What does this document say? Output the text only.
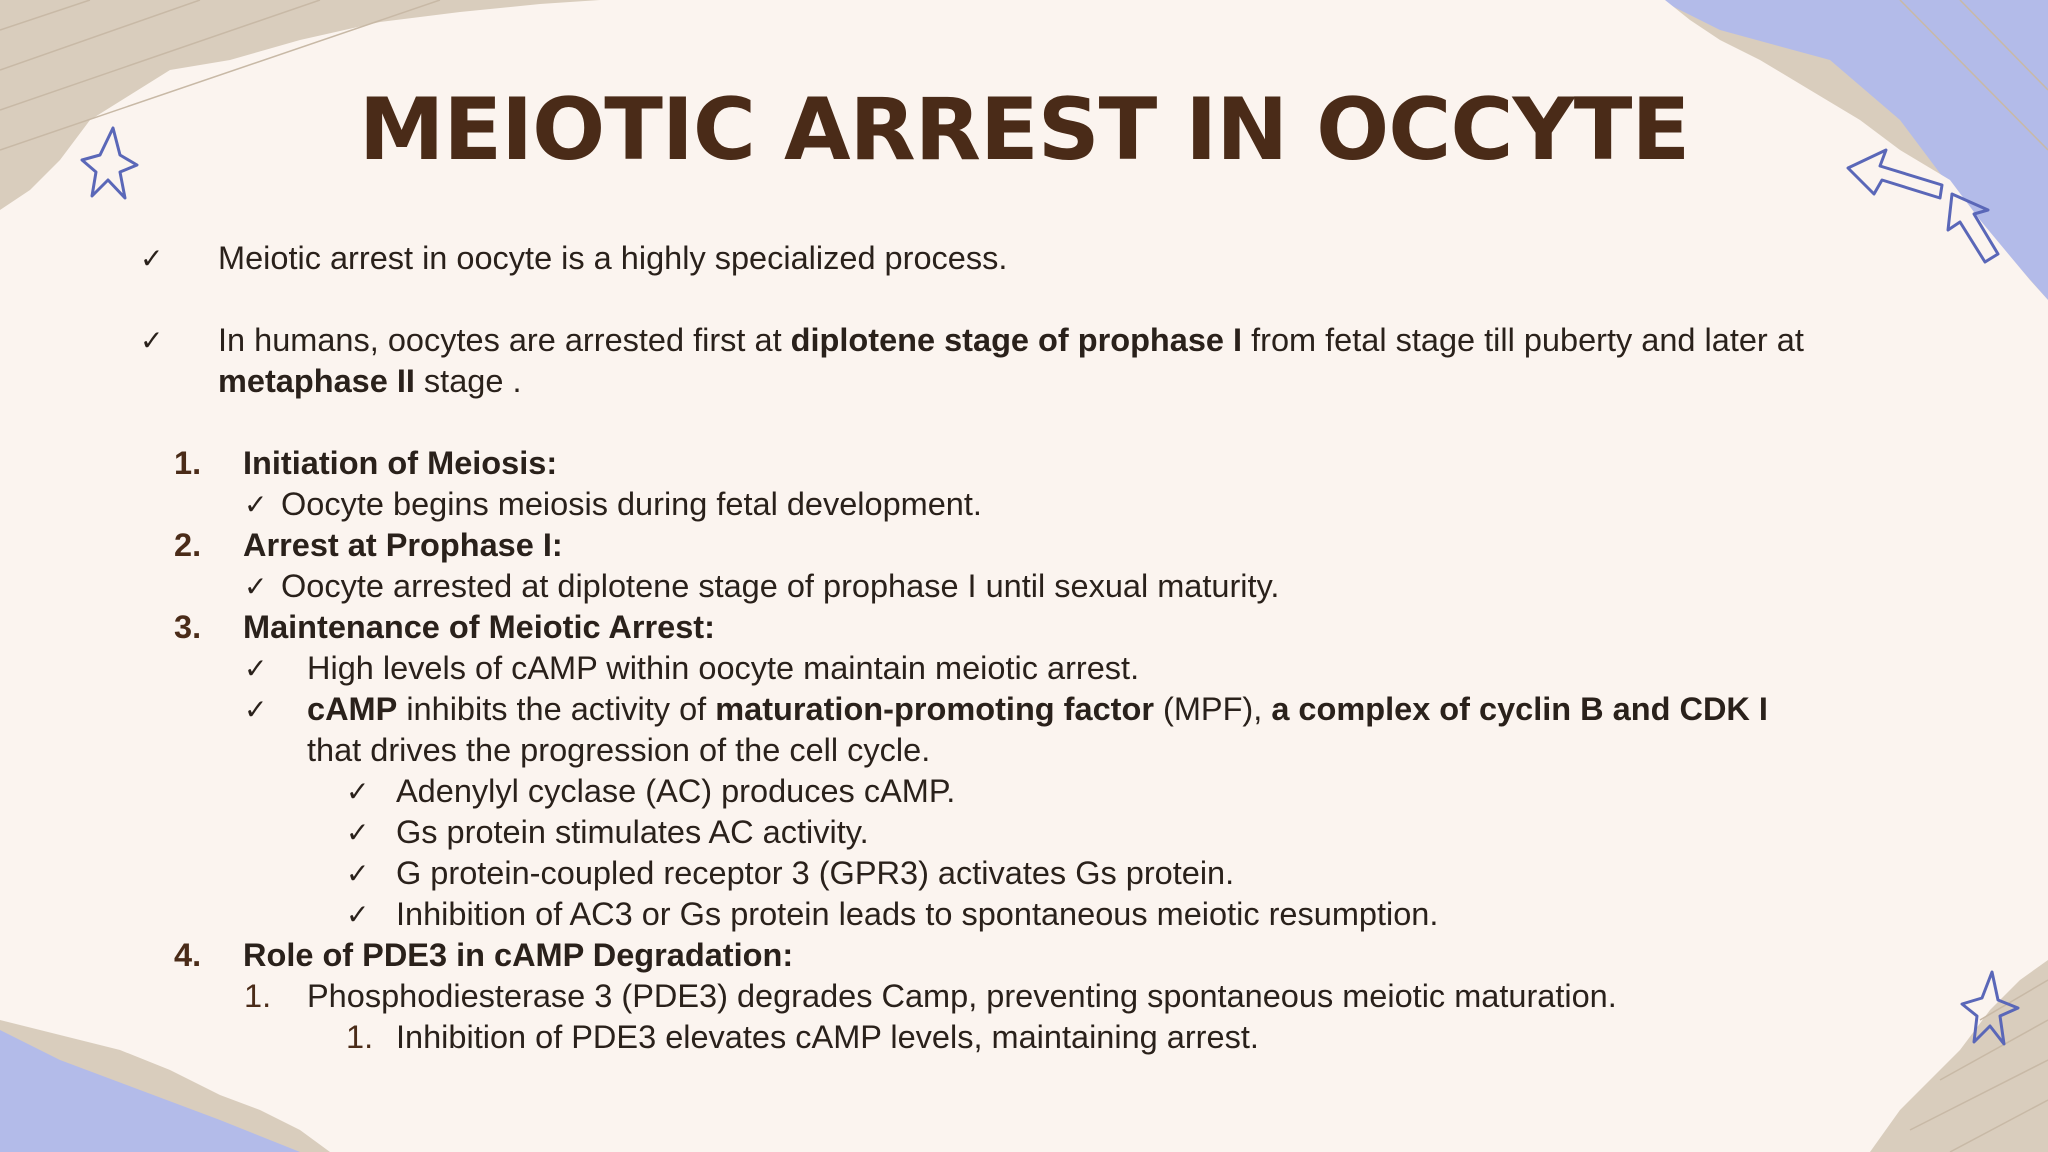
MEIOTIC ARREST IN OCCYTE
✓ Meiotic arrest in oocyte is a highly specialized process.
✓ In humans, oocytes are arrested first at diplotene stage of prophase I from fetal stage till puberty and later at
metaphase II stage .
1. Initiation of Meiosis:
✓ Oocyte begins meiosis during fetal development.
2. Arrest at Prophase I:
✓ Oocyte arrested at diplotene stage of prophase I until sexual maturity.
3. Maintenance of Meiotic Arrest:
✓ High levels of cAMP within oocyte maintain meiotic arrest.
✓ cAMP inhibits the activity of maturation-promoting factor (MPF), a complex of cyclin B and CDK I
that drives the progression of the cell cycle.
✓ Adenylyl cyclase (AC) produces cAMP.
✓ Gs protein stimulates AC activity.
✓ G protein-coupled receptor 3 (GPR3) activates Gs protein.
✓ Inhibition of AC3 or Gs protein leads to spontaneous meiotic resumption.
4. Role of PDE3 in cAMP Degradation:
1. Phosphodiesterase 3 (PDE3) degrades Camp, preventing spontaneous meiotic maturation.
1. Inhibition of PDE3 elevates cAMP levels, maintaining arrest.
